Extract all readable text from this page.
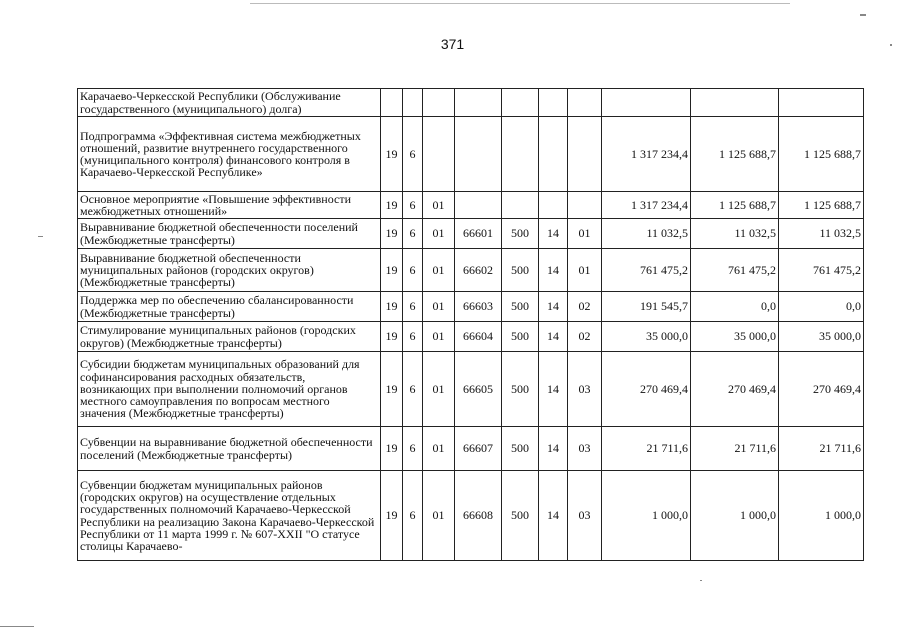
371
Карачаево-Черкесской Республики (Обслуживание государственного (муниципального) долга)										
Подпрограмма «Эффективная система межбюджетных отношений, развитие внутреннего государственного (муниципального контроля) финансового контроля в Карачаево-Черкесской Республике»	19	6						1 317 234,4	1 125 688,7	1 125 688,7
Основное мероприятие «Повышение эффективности межбюджетных отношений»	19	6	01					1 317 234,4	1 125 688,7	1 125 688,7
Выравнивание бюджетной обеспеченности поселений (Межбюджетные трансферты)	19	6	01	66601	500	14	01	11 032,5	11 032,5	11 032,5
Выравнивание бюджетной обеспеченности муниципальных районов (городских округов) (Межбюджетные трансферты)	19	6	01	66602	500	14	01	761 475,2	761 475,2	761 475,2
Поддержка мер по обеспечению сбалансированности (Межбюджетные трансферты)	19	6	01	66603	500	14	02	191 545,7	0,0	0,0
Стимулирование муниципальных районов (городских округов) (Межбюджетные трансферты)	19	6	01	66604	500	14	02	35 000,0	35 000,0	35 000,0
Субсидии бюджетам муниципальных образований для софинансирования расходных обязательств, возникающих при выполнении полномочий органов местного самоуправления по вопросам местного значения (Межбюджетные трансферты)	19	6	01	66605	500	14	03	270 469,4	270 469,4	270 469,4
Субвенции на выравнивание бюджетной обеспеченности поселений (Межбюджетные трансферты)	19	6	01	66607	500	14	03	21 711,6	21 711,6	21 711,6
Субвенции бюджетам муниципальных районов (городских округов) на осуществление отдельных государственных полномочий Карачаево-Черкесской Республики на реализацию Закона Карачаево-Черкесской Республики от 11 марта 1999 г. № 607-XXII "О статусе столицы Карачаево-	19	6	01	66608	500	14	03	1 000,0	1 000,0	1 000,0
